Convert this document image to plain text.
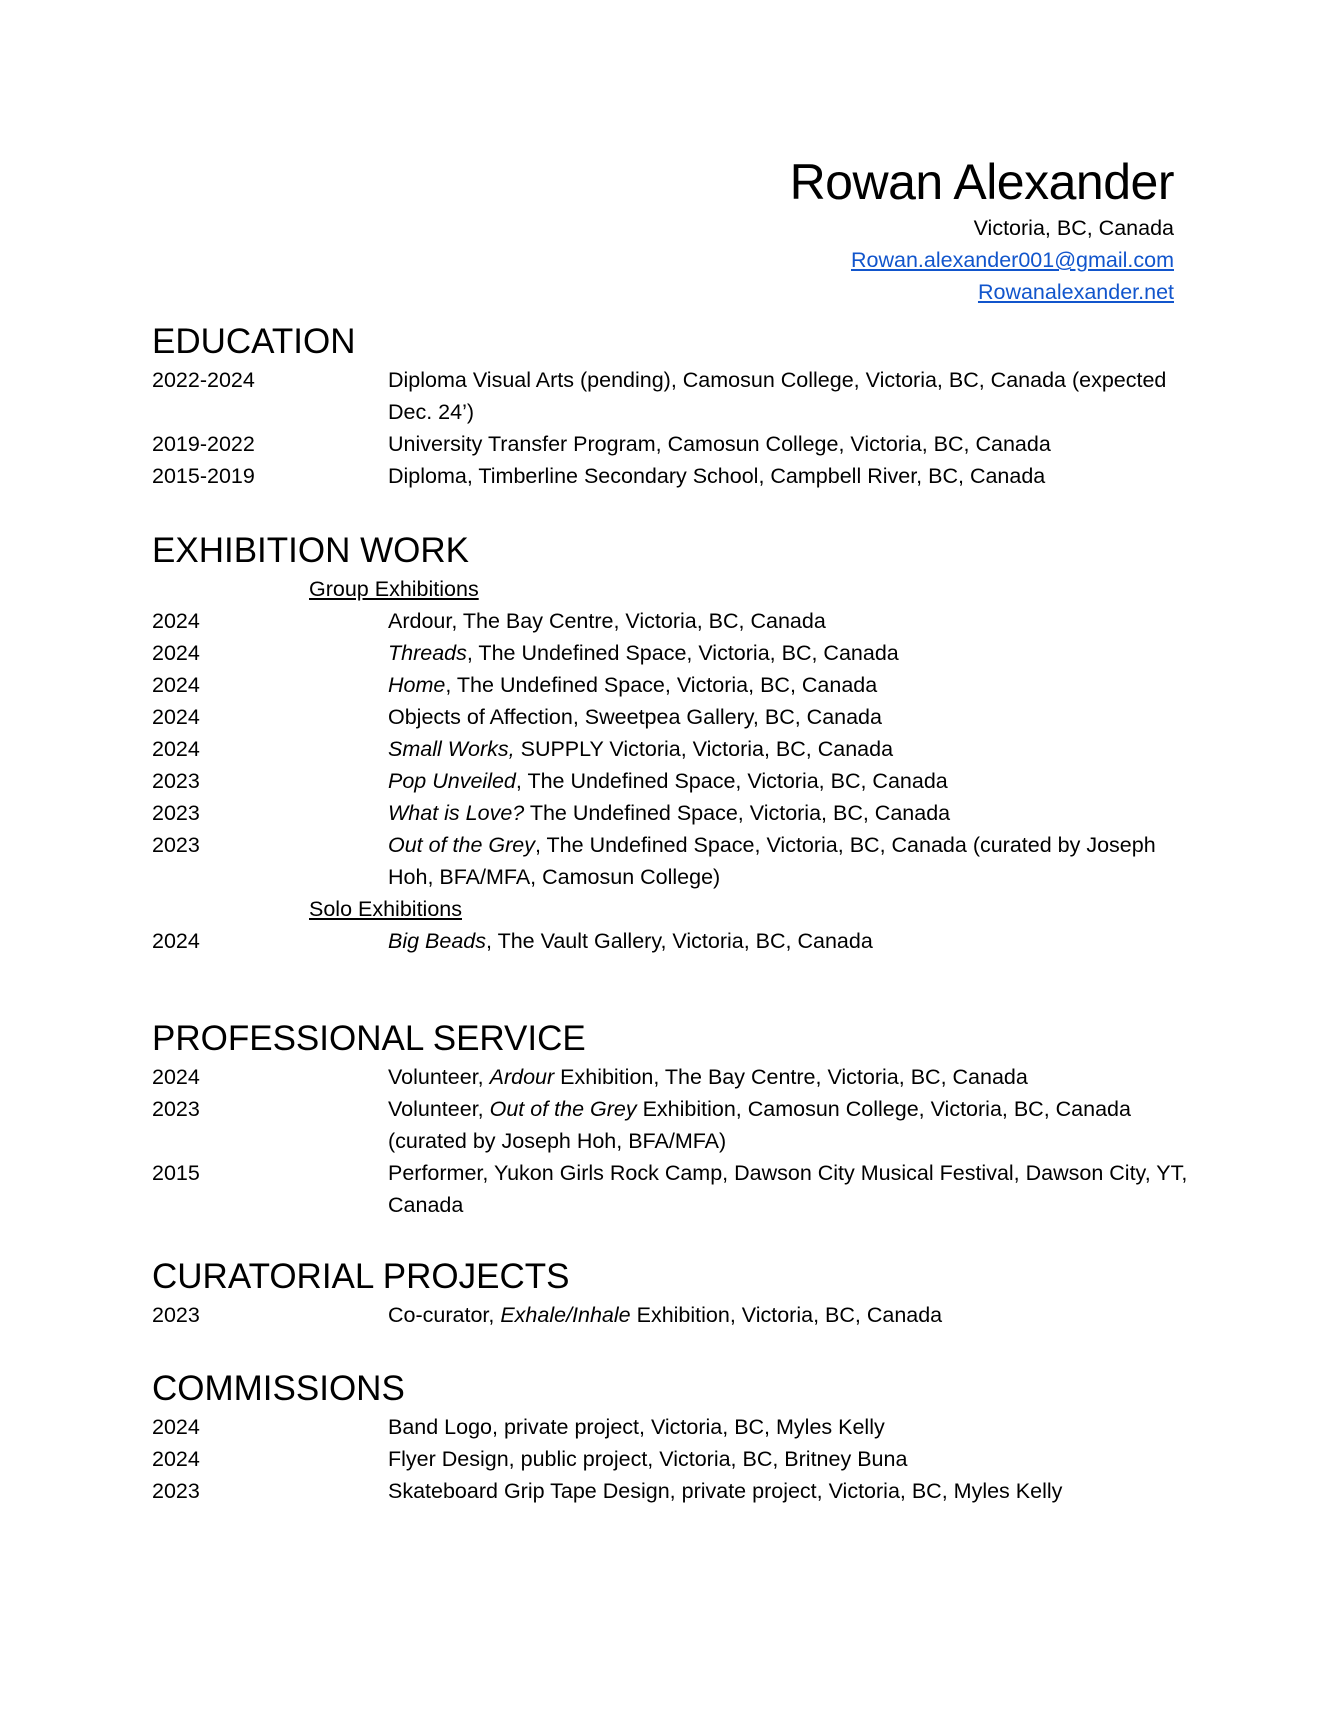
Rowan Alexander
Victoria, BC, Canada
Rowan.alexander001@gmail.com
Rowanalexander.net
EDUCATION
2022-2024	Diploma Visual Arts (pending), Camosun College, Victoria, BC, Canada (expected Dec. 24’)
2019-2022	University Transfer Program, Camosun College, Victoria, BC, Canada
2015-2019	Diploma, Timberline Secondary School, Campbell River, BC, Canada
EXHIBITION WORK
Group Exhibitions
2024	Ardour, The Bay Centre, Victoria, BC, Canada
2024	Threads, The Undefined Space, Victoria, BC, Canada
2024	Home, The Undefined Space, Victoria, BC, Canada
2024	Objects of Affection, Sweetpea Gallery, BC, Canada
2024	Small Works, SUPPLY Victoria, Victoria, BC, Canada
2023	Pop Unveiled, The Undefined Space, Victoria, BC, Canada
2023	What is Love? The Undefined Space, Victoria, BC, Canada
2023	Out of the Grey, The Undefined Space, Victoria, BC, Canada (curated by Joseph Hoh, BFA/MFA, Camosun College)
Solo Exhibitions
2024	Big Beads, The Vault Gallery, Victoria, BC, Canada
PROFESSIONAL SERVICE
2024	Volunteer, Ardour Exhibition, The Bay Centre, Victoria, BC, Canada
2023	Volunteer, Out of the Grey Exhibition, Camosun College, Victoria, BC, Canada (curated by Joseph Hoh, BFA/MFA)
2015	Performer, Yukon Girls Rock Camp, Dawson City Musical Festival, Dawson City, YT, Canada
CURATORIAL PROJECTS
2023	Co-curator, Exhale/Inhale Exhibition, Victoria, BC, Canada
COMMISSIONS
2024	Band Logo, private project, Victoria, BC, Myles Kelly
2024	Flyer Design, public project, Victoria, BC, Britney Buna
2023	Skateboard Grip Tape Design, private project, Victoria, BC, Myles Kelly
